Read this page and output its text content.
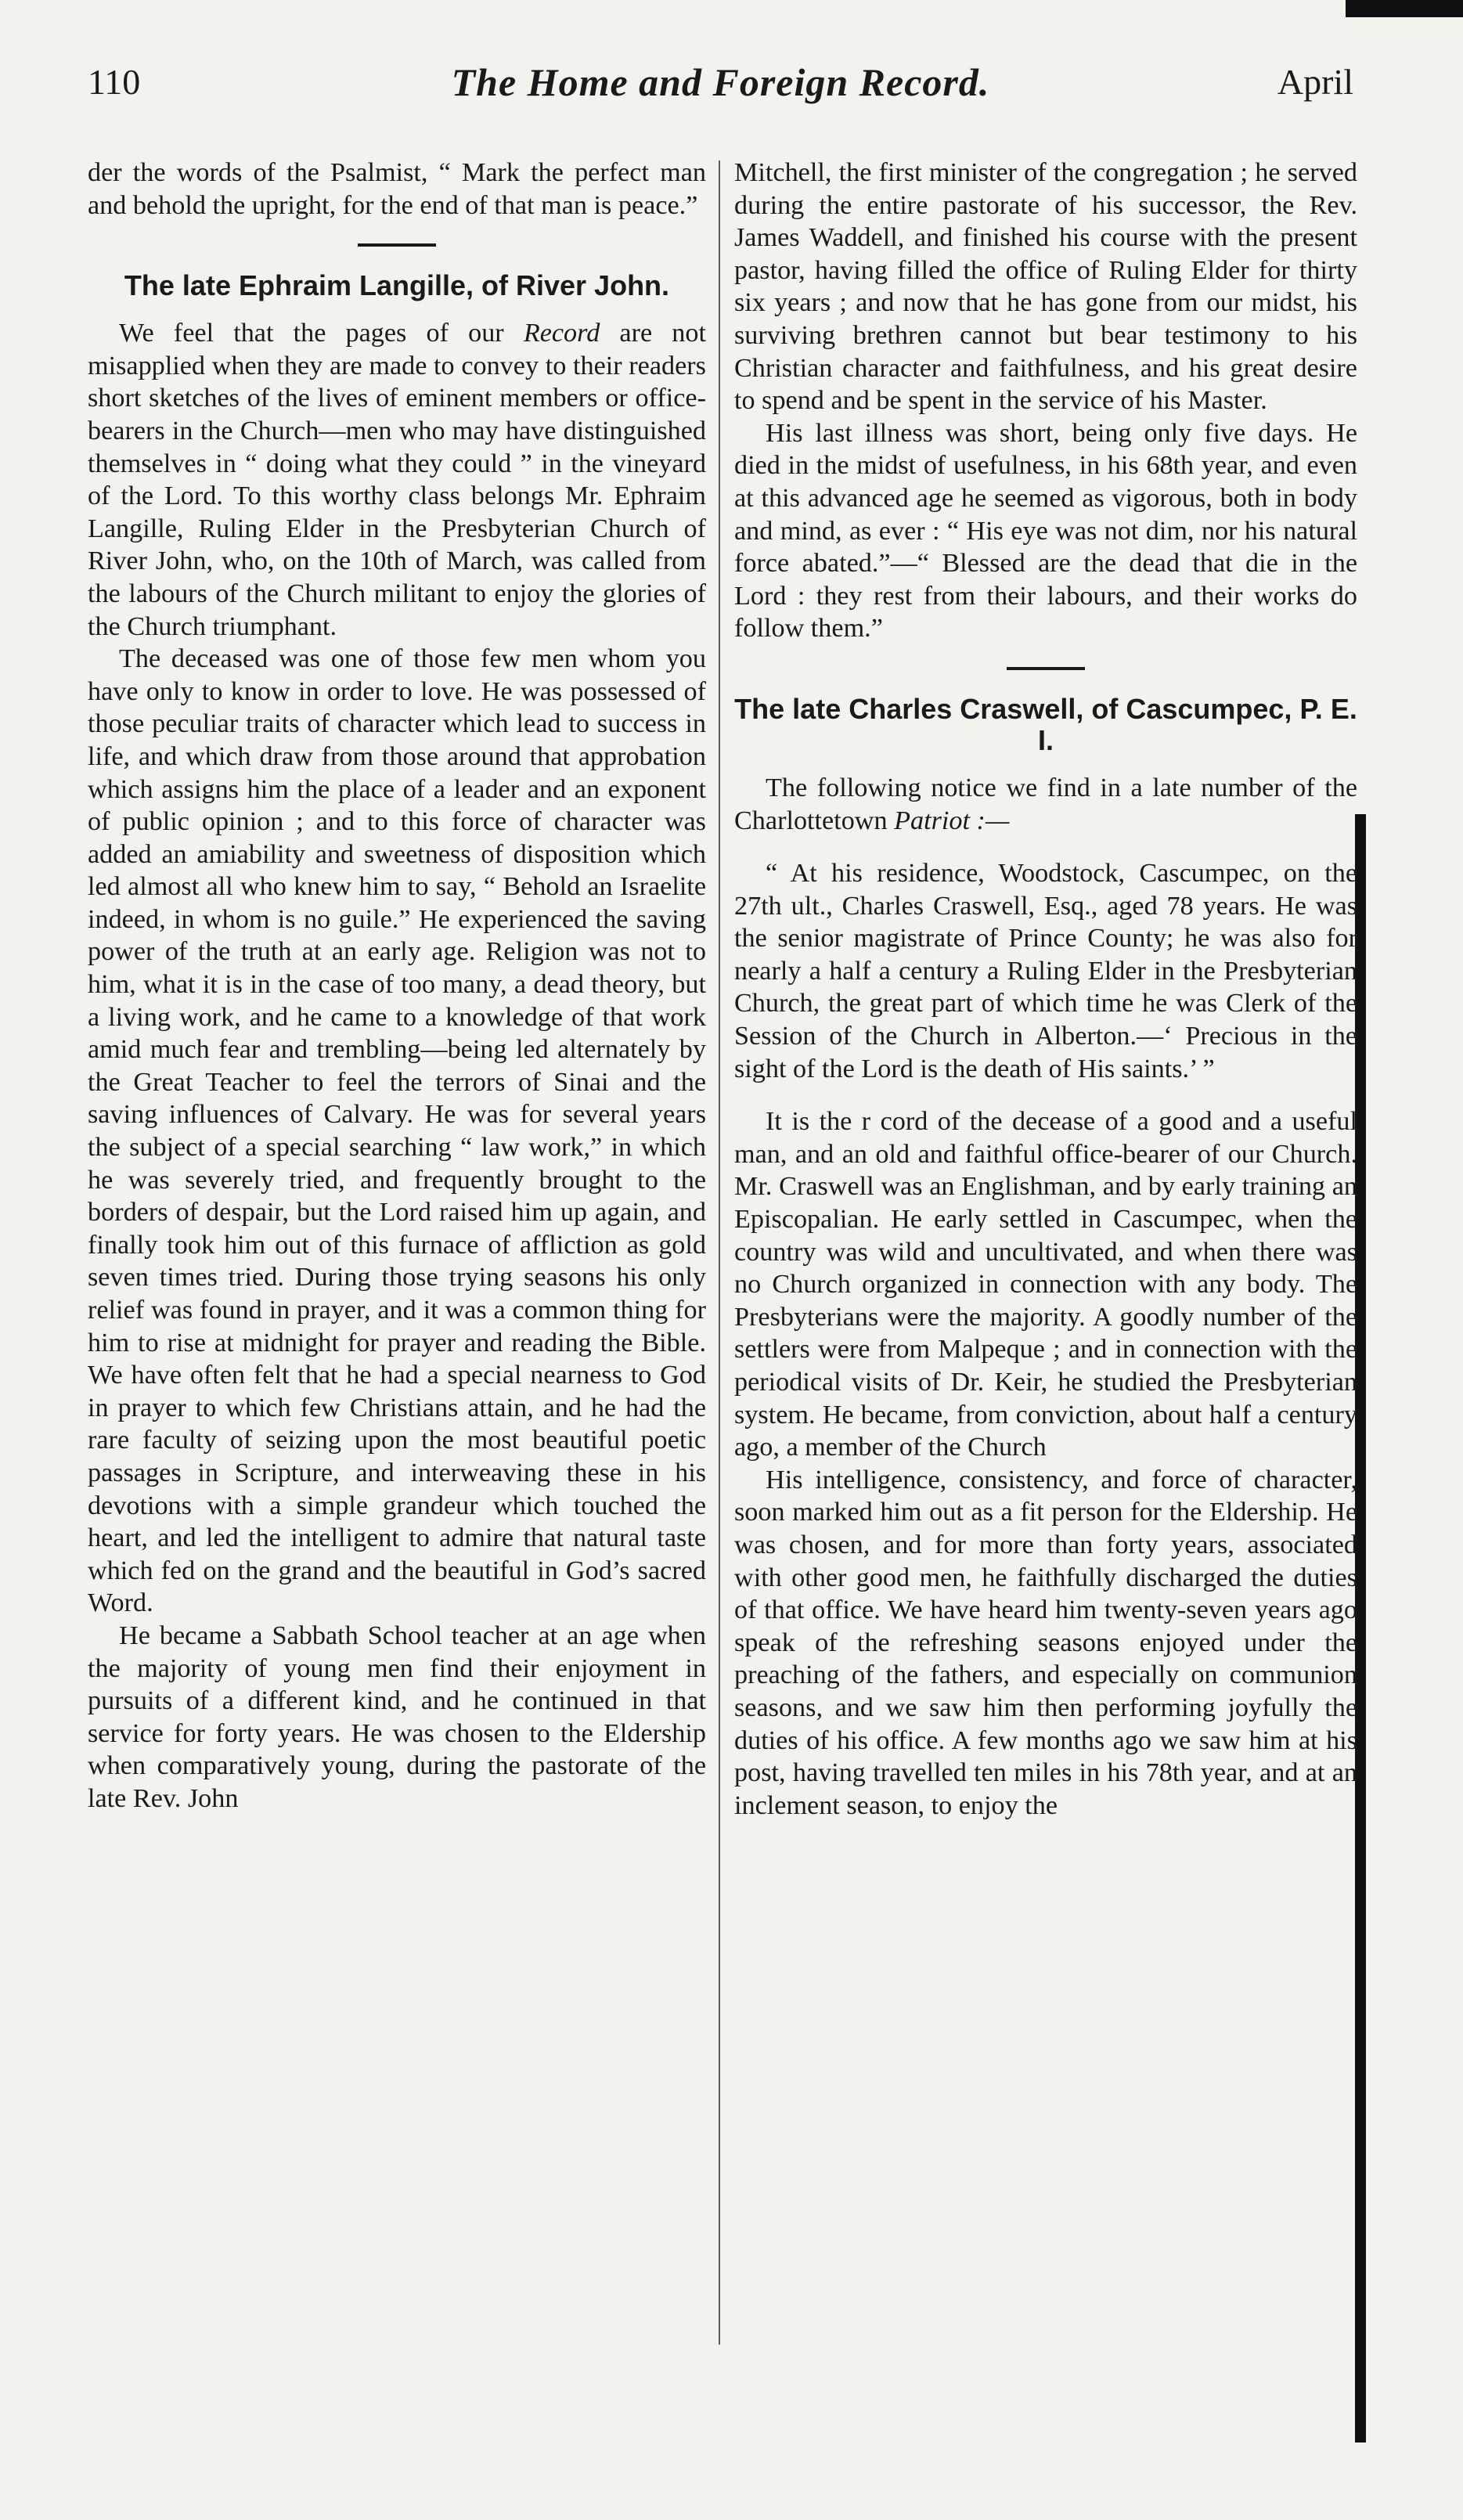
110	The Home and Foreign Record.	April

der the words of the Psalmist, “ Mark the perfect man and behold the upright, for the end of that man is peace.”

The late Ephraim Langille, of River John.

We feel that the pages of our Record are not misapplied when they are made to convey to their readers short sketches of the lives of eminent members or office-bearers in the Church—men who may have distinguished themselves in “ doing what they could ” in the vineyard of the Lord. To this worthy class belongs Mr. Ephraim Langille, Ruling Elder in the Presbyterian Church of River John, who, on the 10th of March, was called from the labours of the Church militant to enjoy the glories of the Church triumphant.

The deceased was one of those few men whom you have only to know in order to love. He was possessed of those peculiar traits of character which lead to success in life, and which draw from those around that approbation which assigns him the place of a leader and an exponent of public opinion ; and to this force of character was added an amiability and sweetness of disposition which led almost all who knew him to say, “ Behold an Israelite indeed, in whom is no guile.” He experienced the saving power of the truth at an early age. Religion was not to him, what it is in the case of too many, a dead theory, but a living work, and he came to a knowledge of that work amid much fear and trembling—being led alternately by the Great Teacher to feel the terrors of Sinai and the saving influences of Calvary. He was for several years the subject of a special searching “ law work,” in which he was severely tried, and frequently brought to the borders of despair, but the Lord raised him up again, and finally took him out of this furnace of affliction as gold seven times tried. During those trying seasons his only relief was found in prayer, and it was a common thing for him to rise at midnight for prayer and reading the Bible. We have often felt that he had a special nearness to God in prayer to which few Christians attain, and he had the rare faculty of seizing upon the most beautiful poetic passages in Scripture, and interweaving these in his devotions with a simple grandeur which touched the heart, and led the intelligent to admire that natural taste which fed on the grand and the beautiful in God’s sacred Word.

He became a Sabbath School teacher at an age when the majority of young men find their enjoyment in pursuits of a different kind, and he continued in that service for forty years. He was chosen to the Eldership when comparatively young, during the pastorate of the late Rev. John

Mitchell, the first minister of the congregation ; he served during the entire pastorate of his successor, the Rev. James Waddell, and finished his course with the present pastor, having filled the office of Ruling Elder for thirty six years ; and now that he has gone from our midst, his surviving brethren cannot but bear testimony to his Christian character and faithfulness, and his great desire to spend and be spent in the service of his Master.

His last illness was short, being only five days. He died in the midst of usefulness, in his 68th year, and even at this advanced age he seemed as vigorous, both in body and mind, as ever : “ His eye was not dim, nor his natural force abated.”—“ Blessed are the dead that die in the Lord : they rest from their labours, and their works do follow them.”

The late Charles Craswell, of Cascumpec, P. E. I.

The following notice we find in a late number of the Charlottetown Patriot :—

“ At his residence, Woodstock, Cascumpec, on the 27th ult., Charles Craswell, Esq., aged 78 years. He was the senior magistrate of Prince County; he was also for nearly a half a century a Ruling Elder in the Presbyterian Church, the great part of which time he was Clerk of the Session of the Church in Alberton.—‘ Precious in the sight of the Lord is the death of His saints.’ ”

It is the r cord of the decease of a good and a useful man, and an old and faithful office-bearer of our Church. Mr. Craswell was an Englishman, and by early training an Episcopalian. He early settled in Cascumpec, when the country was wild and uncultivated, and when there was no Church organized in connection with any body. The Presbyterians were the majority. A goodly number of the settlers were from Malpeque ; and in connection with the periodical visits of Dr. Keir, he studied the Presbyterian system. He became, from conviction, about half a century ago, a member of the Church

His intelligence, consistency, and force of character, soon marked him out as a fit person for the Eldership. He was chosen, and for more than forty years, associated with other good men, he faithfully discharged the duties of that office. We have heard him twenty-seven years ago speak of the refreshing seasons enjoyed under the preaching of the fathers, and especially on communion seasons, and we saw him then performing joyfully the duties of his office. A few months ago we saw him at his post, having travelled ten miles in his 78th year, and at an inclement season, to enjoy the
